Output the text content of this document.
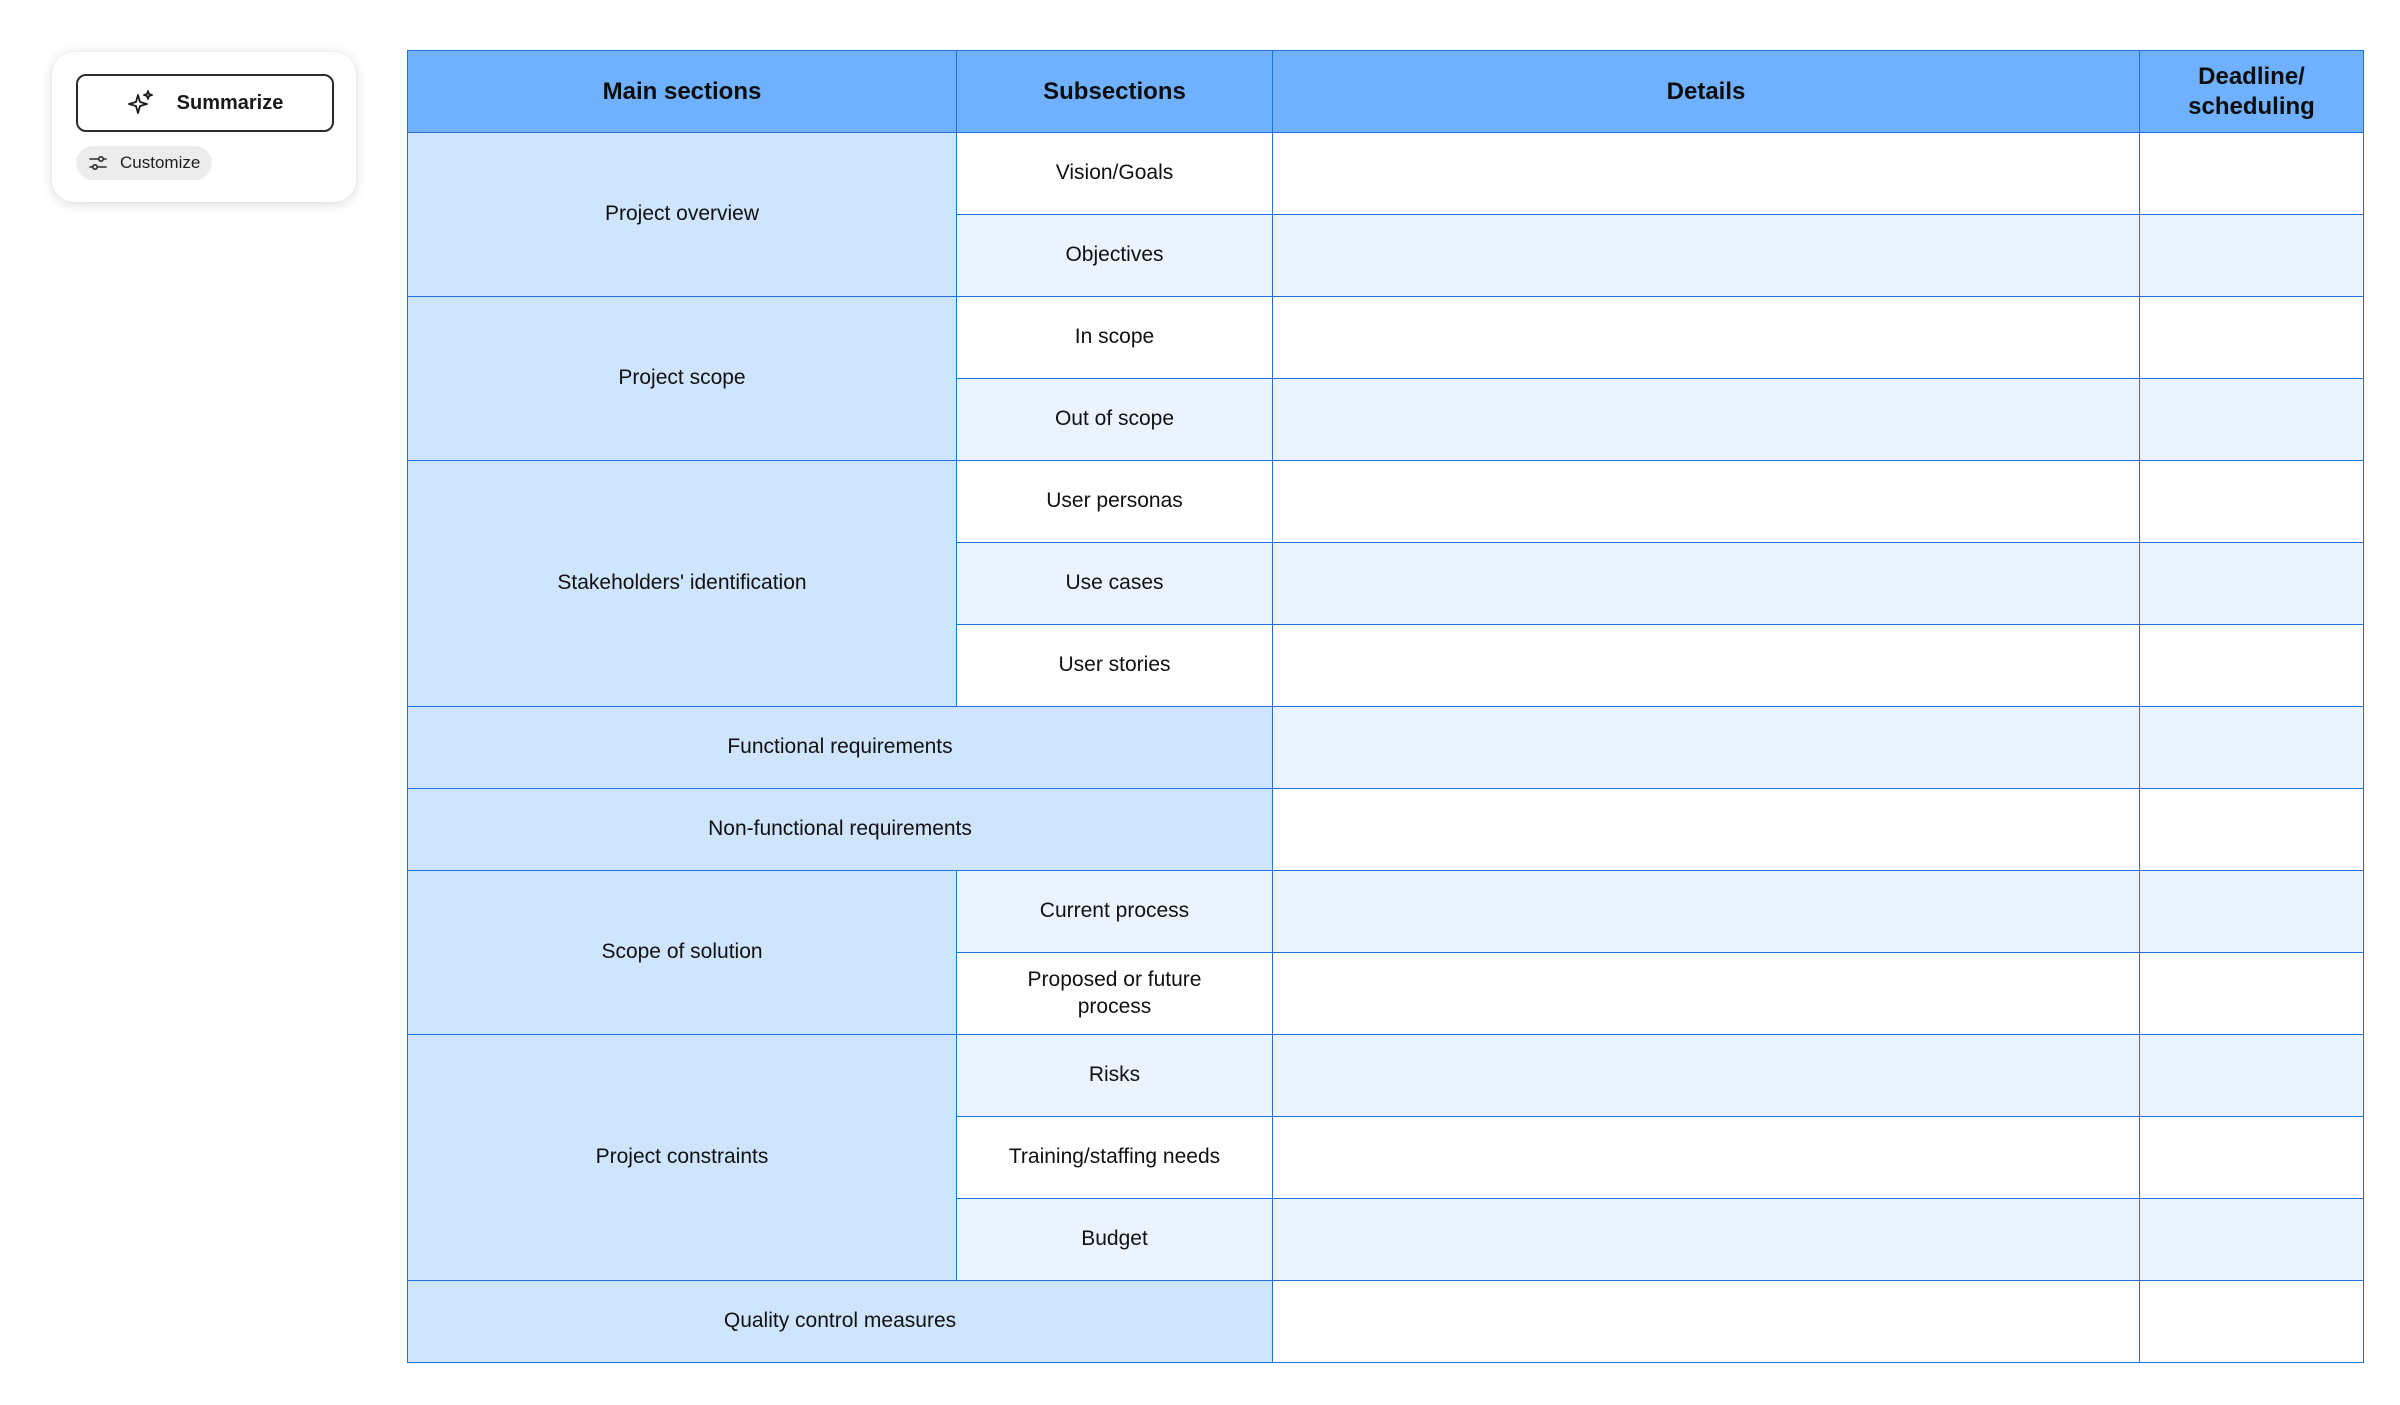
Summarize
Customize
Main sections	Subsections	Details	Deadline/ scheduling
Project overview	Vision/Goals		
	Objectives		
Project scope	In scope		
	Out of scope		
Stakeholders' identification	User personas		
	Use cases		
	User stories		
Functional requirements			
Non-functional requirements			
Scope of solution	Current process		
	Proposed or future process		
Project constraints	Risks		
	Training/staffing needs		
	Budget		
Quality control measures			
